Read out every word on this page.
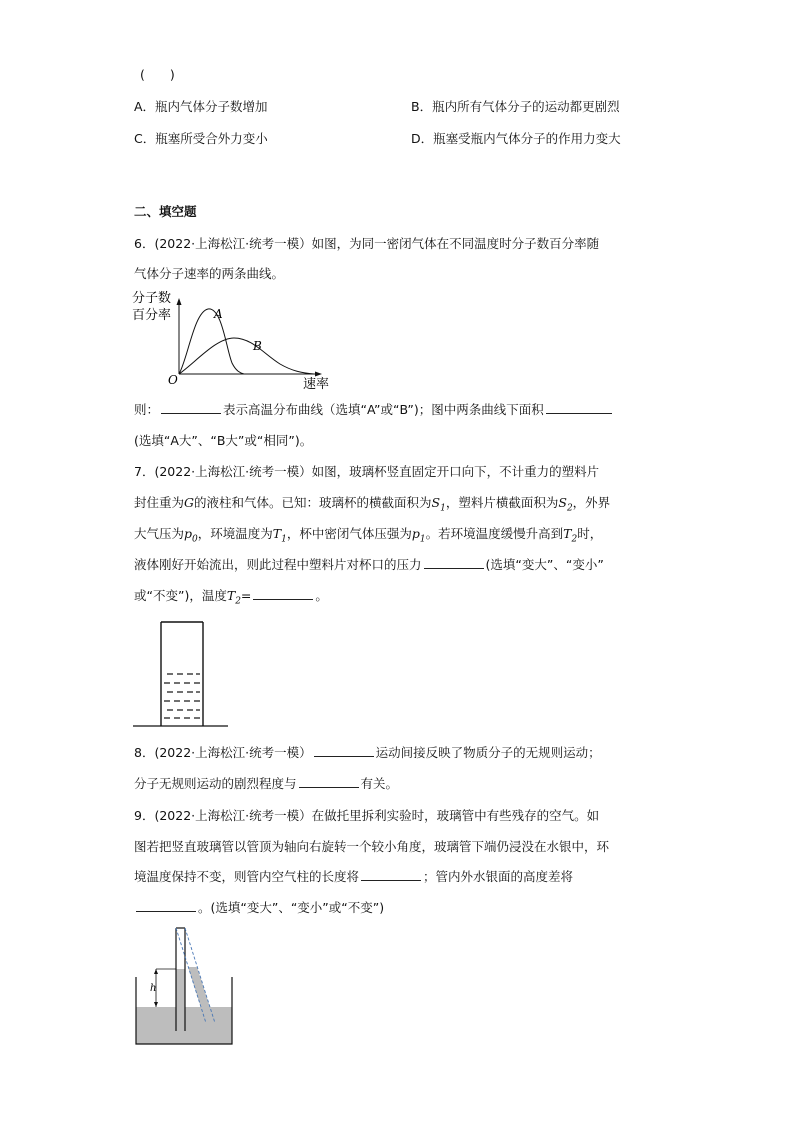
(　　)
A．瓶内气体分子数增加	B．瓶内所有气体分子的运动都更剧烈
C．瓶塞所受合外力变小	D．瓶塞受瓶内气体分子的作用力变大
二、填空题
6．(2022·上海松江·统考一模）如图，为同一密闭气体在不同温度时分子数百分率随
气体分子速率的两条曲线。
分子数
百分率	A
B
O	速率
则：	表示高温分布曲线（选填“A”或“B”)；图中两条曲线下面积
(选填“A大”、“B大”或“相同”)。
7．(2022·上海松江·统考一模）如图，玻璃杯竖直固定开口向下，不计重力的塑料片
封住重为G的液柱和气体。已知：玻璃杯的横截面积为$S_1$，塑料片横截面积为$S_2$，外界
大气压为$p_0$，环境温度为$T_1$，杯中密闭气体压强为$p_1$。若环境温度缓慢升高到$T_2$时，
液体刚好开始流出，则此过程中塑料片对杯口的压力	(选填“变大”、“变小”
或“不变”)，温度$T_2=$	。
8．(2022·上海松江·统考一模）	运动间接反映了物质分子的无规则运动；
分子无规则运动的剧烈程度与	有关。
9．(2022·上海松江·统考一模）在做托里拆利实验时，玻璃管中有些残存的空气。如
图若把竖直玻璃管以管顶为轴向右旋转一个较小角度，玻璃管下端仍浸没在水银中，环
境温度保持不变，则管内空气柱的长度将	；管内外水银面的高度差将
。(选填“变大”、“变小”或“不变”)
h
